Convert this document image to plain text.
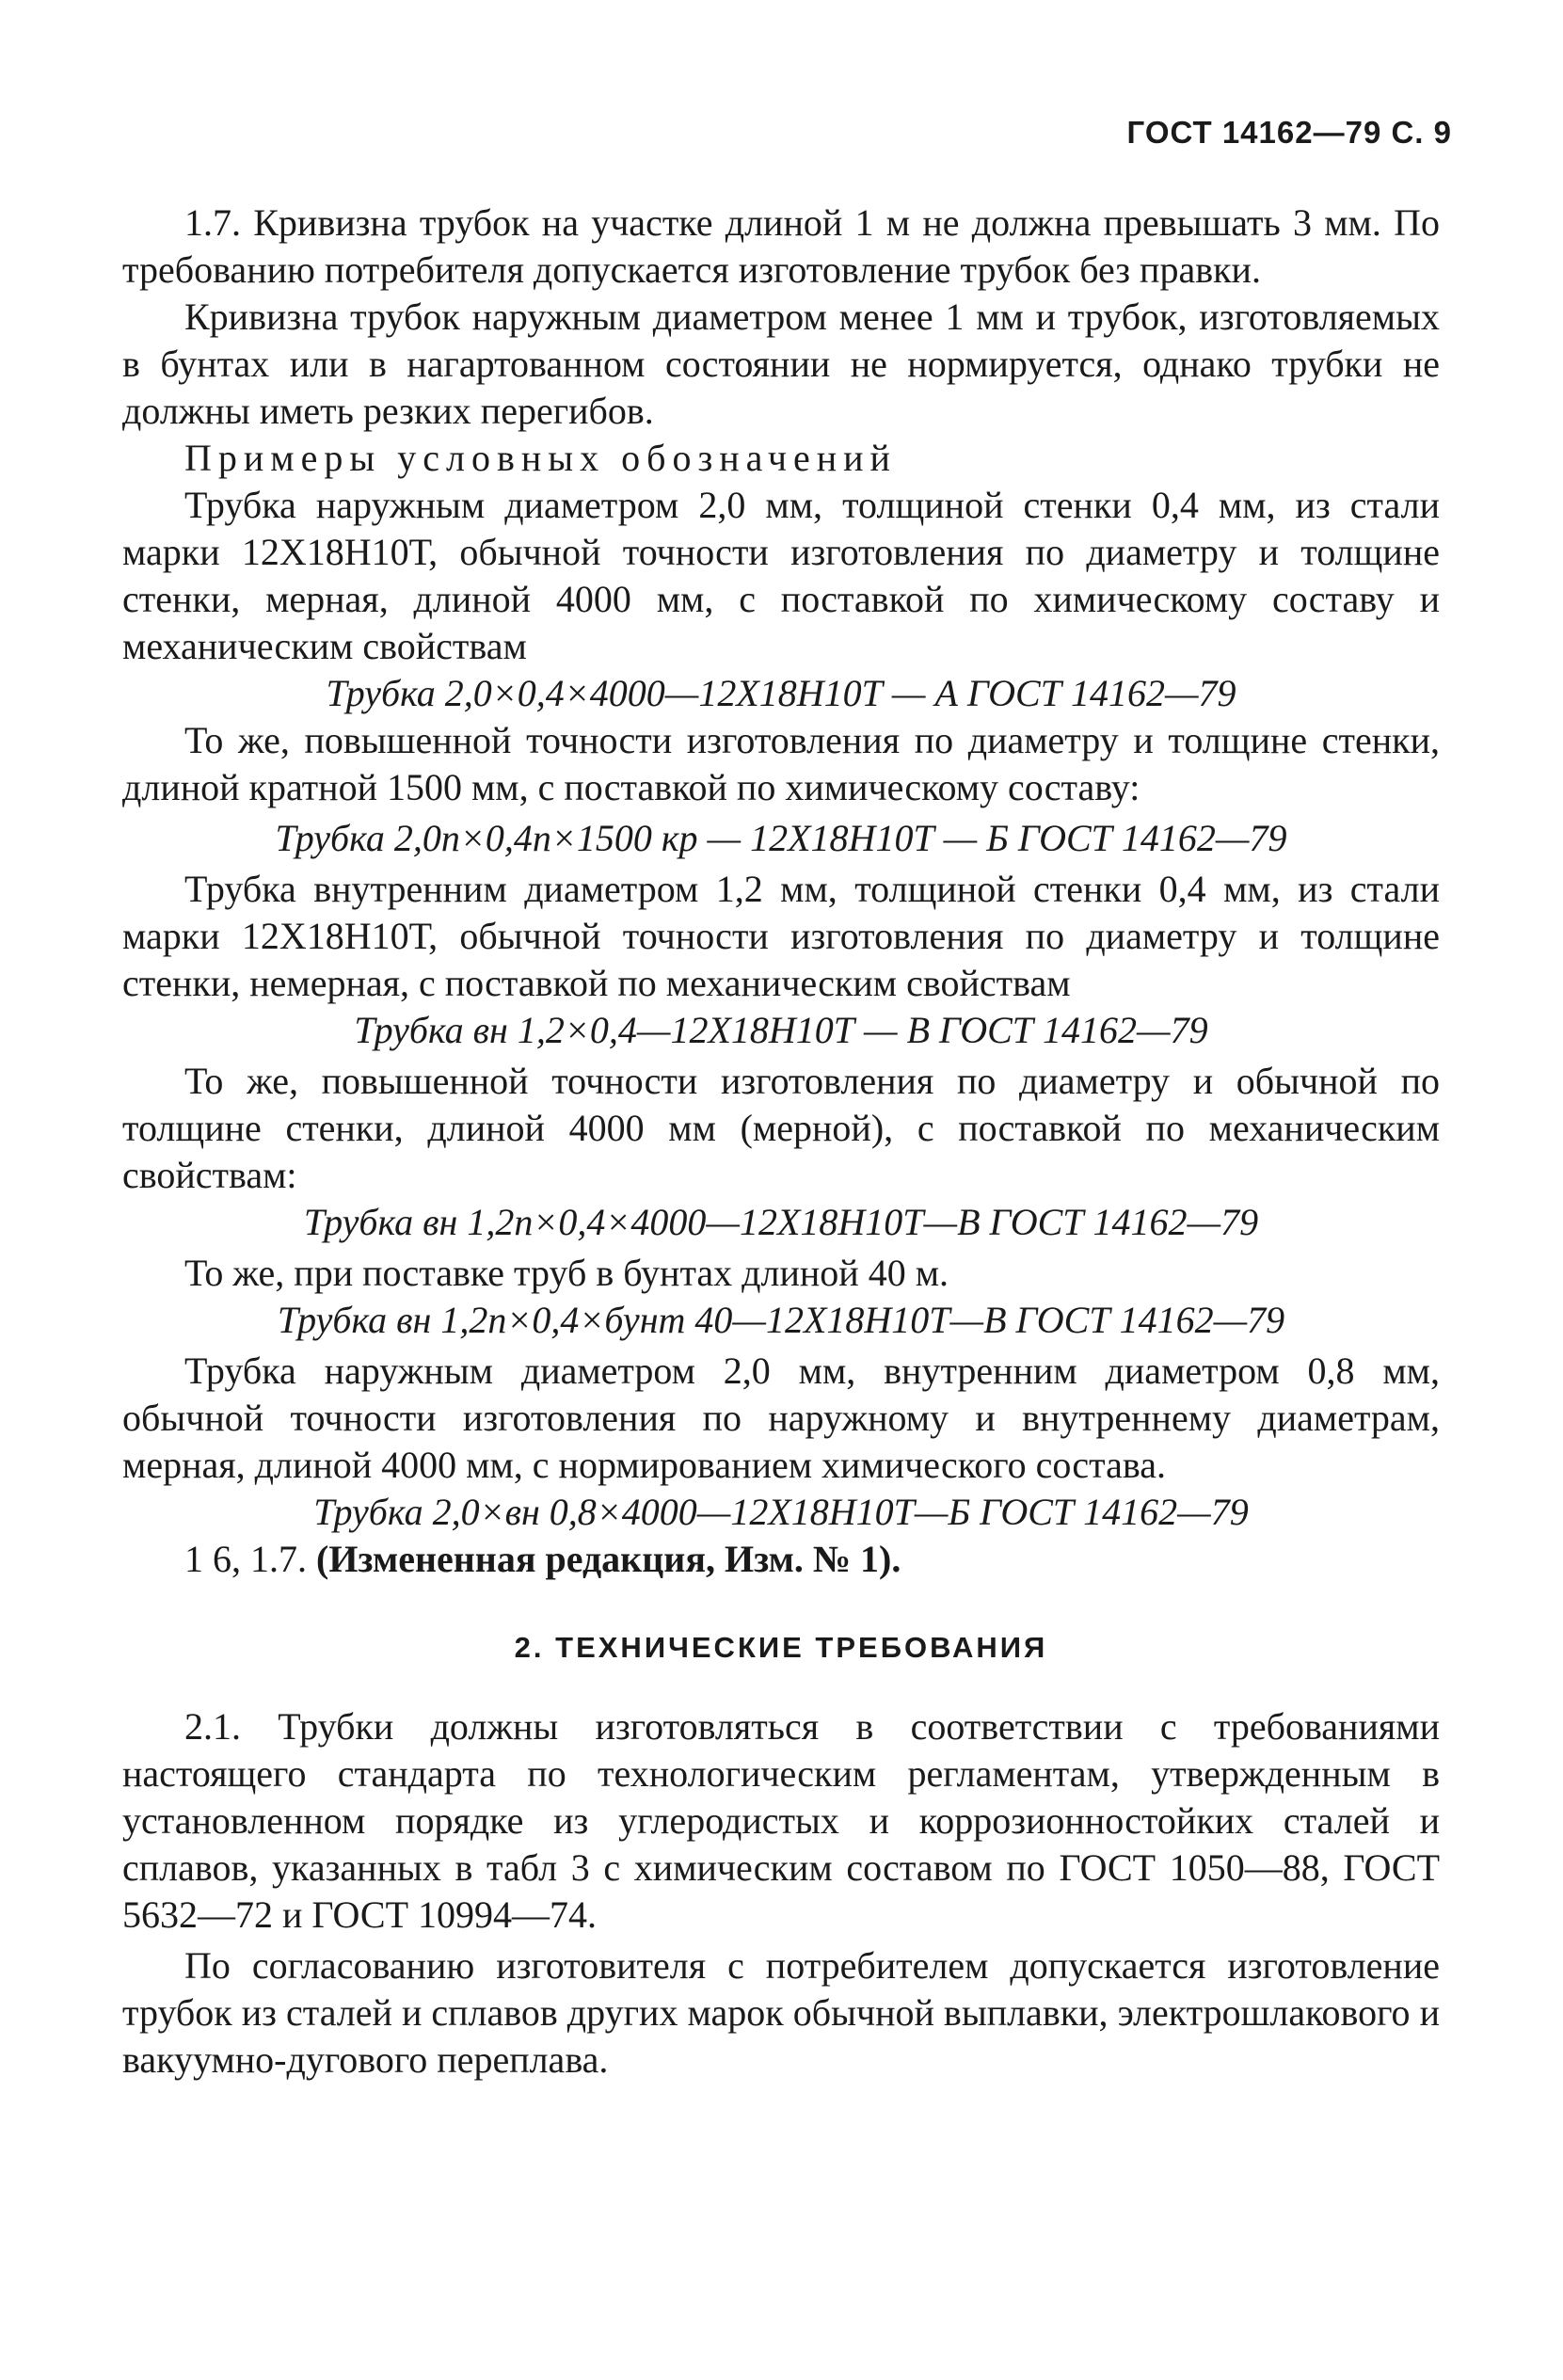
ГОСТ 14162—79 С. 9

1.7. Кривизна трубок на участке длиной 1 м не должна превышать 3 мм. По требованию потребителя допускается изготовление трубок без правки.

Кривизна трубок наружным диаметром менее 1 мм и трубок, изготовляемых в бунтах или в нагартованном состоянии не нормируется, однако трубки не должны иметь резких перегибов.

Примеры условных обозначений

Трубка наружным диаметром 2,0 мм, толщиной стенки 0,4 мм, из стали марки 12Х18Н10Т, обычной точности изготовления по диаметру и толщине стенки, мерная, длиной 4000 мм, с поставкой по химическому составу и механическим свойствам

Трубка 2,0×0,4×4000—12Х18Н10Т — А ГОСТ 14162—79

То же, повышенной точности изготовления по диаметру и толщине стенки, длиной кратной 1500 мм, с поставкой по химическому составу:

Трубка 2,0п×0,4п×1500 кр — 12Х18Н10Т — Б ГОСТ 14162—79

Трубка внутренним диаметром 1,2 мм, толщиной стенки 0,4 мм, из стали марки 12Х18Н10Т, обычной точности изготовления по диаметру и толщине стенки, немерная, с поставкой по механическим свойствам

Трубка вн 1,2×0,4—12Х18Н10Т — В ГОСТ 14162—79

То же, повышенной точности изготовления по диаметру и обычной по толщине стенки, длиной 4000 мм (мерной), с поставкой по механическим свойствам:

Трубка вн 1,2п×0,4×4000—12Х18Н10Т—В ГОСТ 14162—79

То же, при поставке труб в бунтах длиной 40 м.

Трубка вн 1,2п×0,4×бунт 40—12Х18Н10Т—В ГОСТ 14162—79

Трубка наружным диаметром 2,0 мм, внутренним диаметром 0,8 мм, обычной точности изготовления по наружному и внутреннему диаметрам, мерная, длиной 4000 мм, с нормированием химического состава.

Трубка 2,0×вн 0,8×4000—12Х18Н10Т—Б ГОСТ 14162—79

1 6, 1.7. (Измененная редакция, Изм. № 1).

2. ТЕХНИЧЕСКИЕ ТРЕБОВАНИЯ

2.1. Трубки должны изготовляться в соответствии с требованиями настоящего стандарта по технологическим регламентам, утвержденным в установленном порядке из углеродистых и коррозионностойких сталей и сплавов, указанных в табл 3 с химическим составом по ГОСТ 1050—88, ГОСТ 5632—72 и ГОСТ 10994—74.

По согласованию изготовителя с потребителем допускается изготовление трубок из сталей и сплавов других марок обычной выплавки, электрошлакового и вакуумно-дугового переплава.
